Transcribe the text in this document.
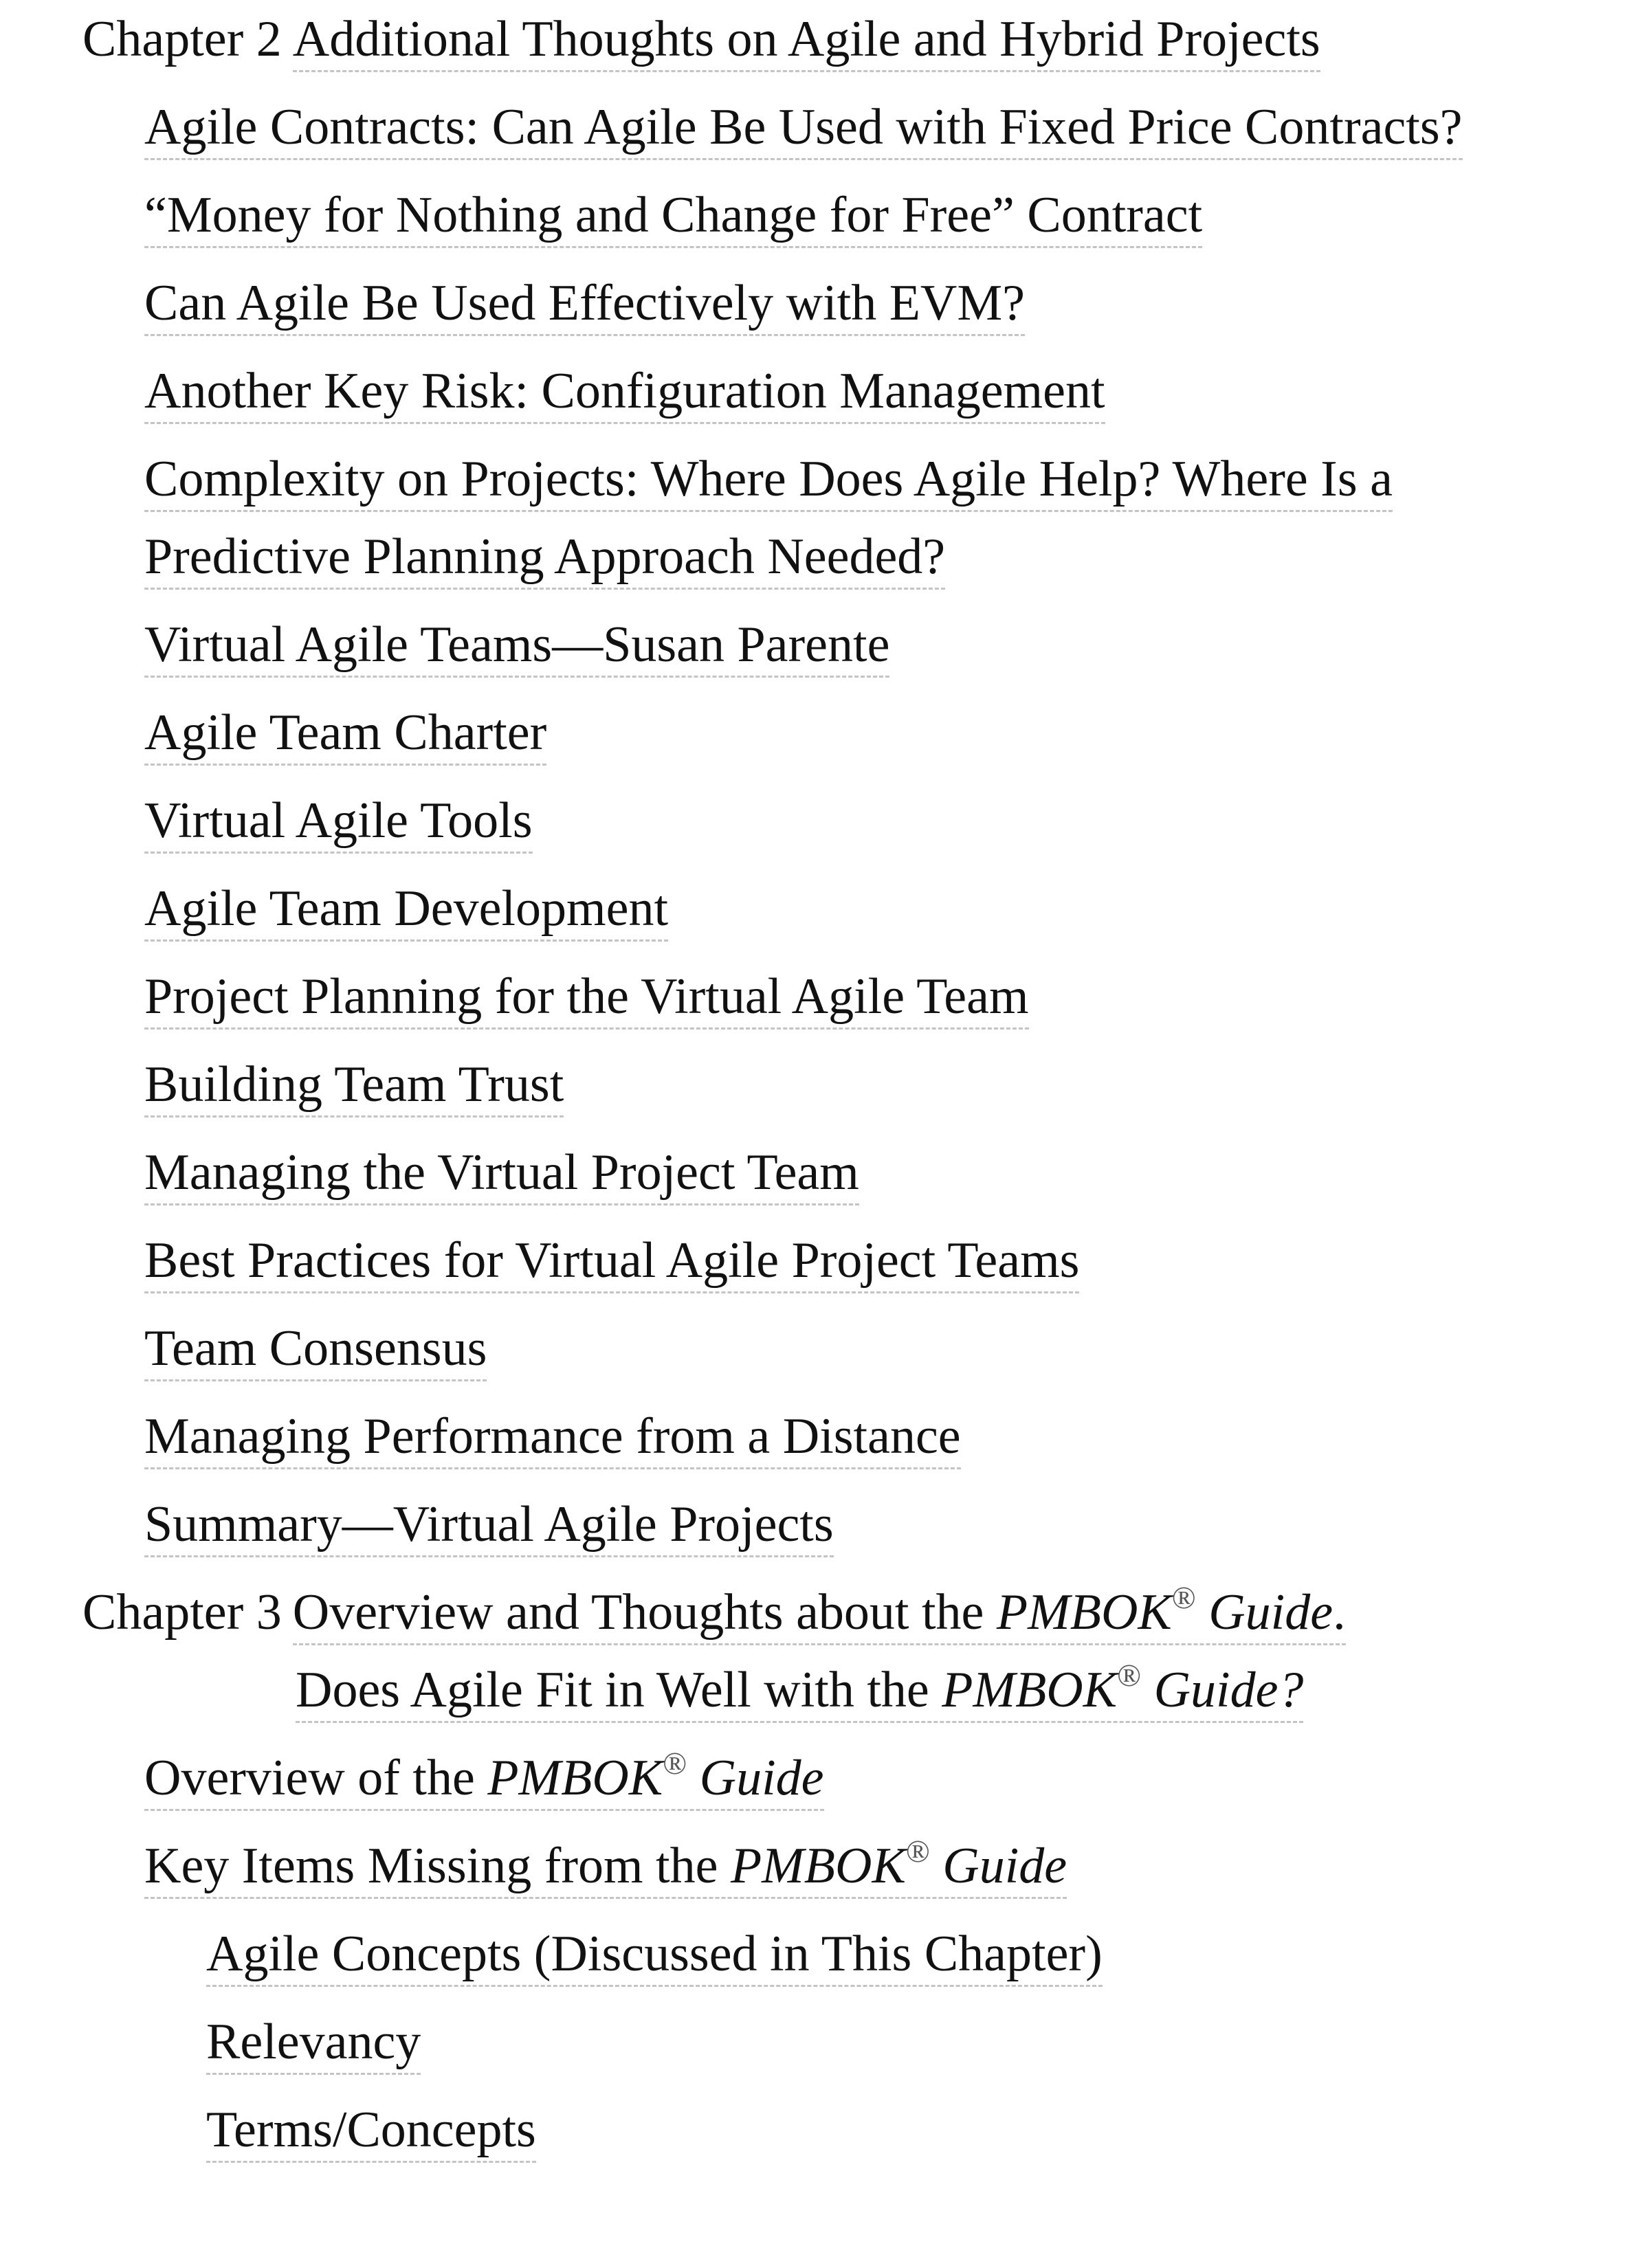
Chapter 2 Additional Thoughts on Agile and Hybrid Projects
Agile Contracts: Can Agile Be Used with Fixed Price Contracts?
“Money for Nothing and Change for Free” Contract
Can Agile Be Used Effectively with EVM?
Another Key Risk: Configuration Management
Complexity on Projects: Where Does Agile Help? Where Is a
Predictive Planning Approach Needed?
Virtual Agile Teams—Susan Parente
Agile Team Charter
Virtual Agile Tools
Agile Team Development
Project Planning for the Virtual Agile Team
Building Team Trust
Managing the Virtual Project Team
Best Practices for Virtual Agile Project Teams
Team Consensus
Managing Performance from a Distance
Summary—Virtual Agile Projects
Chapter 3 Overview and Thoughts about the PMBOK® Guide.
Does Agile Fit in Well with the PMBOK® Guide?
Overview of the PMBOK® Guide
Key Items Missing from the PMBOK® Guide
Agile Concepts (Discussed in This Chapter)
Relevancy
Terms/Concepts
